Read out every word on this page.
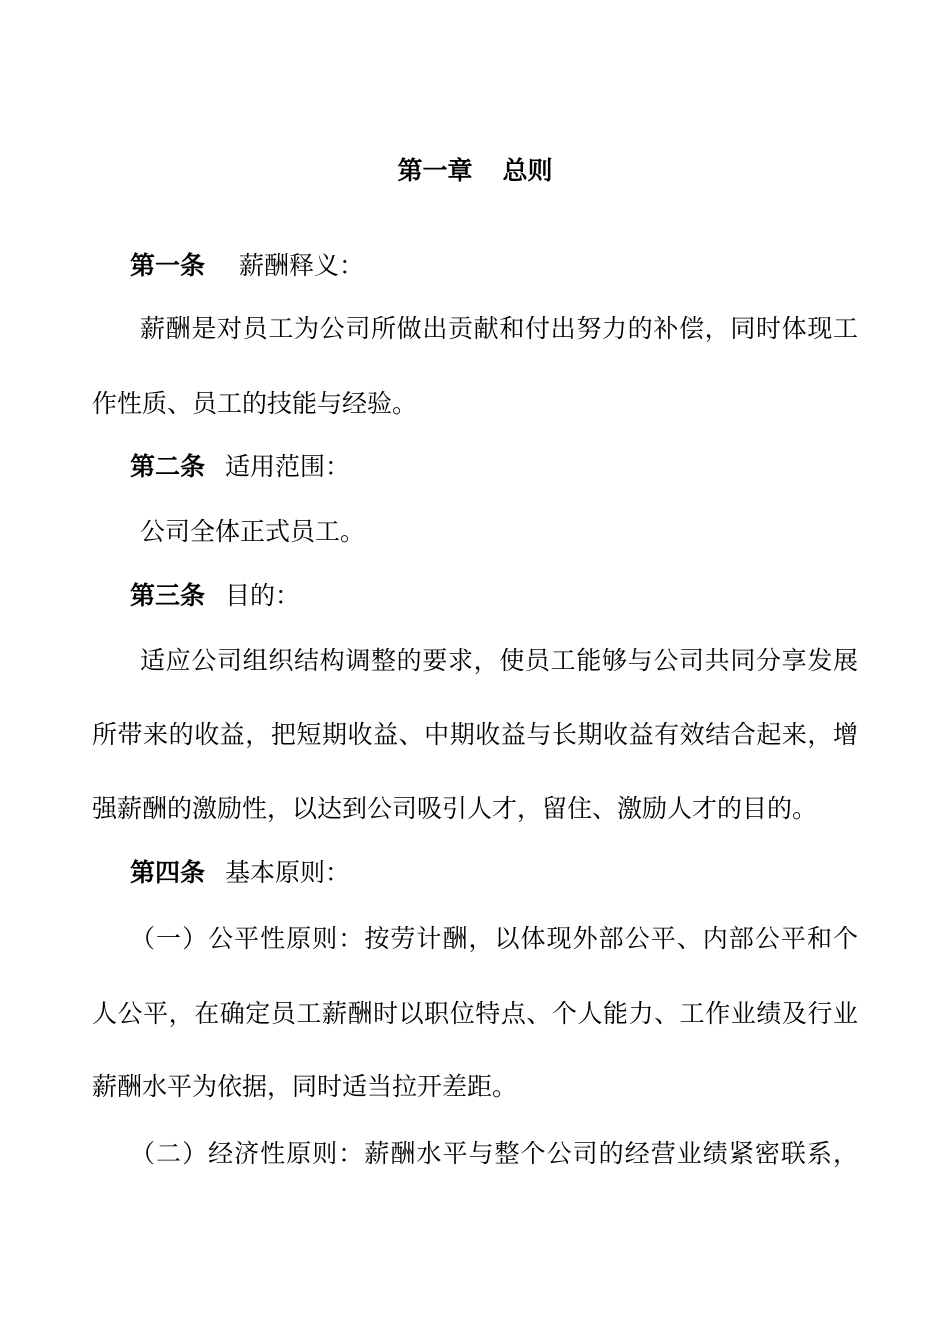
第一章 总则
第一条 薪酬释义：
薪酬是对员工为公司所做出贡献和付出努力的补偿，同时体现工
作性质、员工的技能与经验。
第二条 适用范围：
公司全体正式员工。
第三条 目的：
适应公司组织结构调整的要求，使员工能够与公司共同分享发展
所带来的收益，把短期收益、中期收益与长期收益有效结合起来，增
强薪酬的激励性，以达到公司吸引人才，留住、激励人才的目的。
第四条 基本原则：
（一）公平性原则：按劳计酬，以体现外部公平、内部公平和个
人公平，在确定员工薪酬时以职位特点、个人能力、工作业绩及行业
薪酬水平为依据，同时适当拉开差距。
（二）经济性原则：薪酬水平与整个公司的经营业绩紧密联系，
